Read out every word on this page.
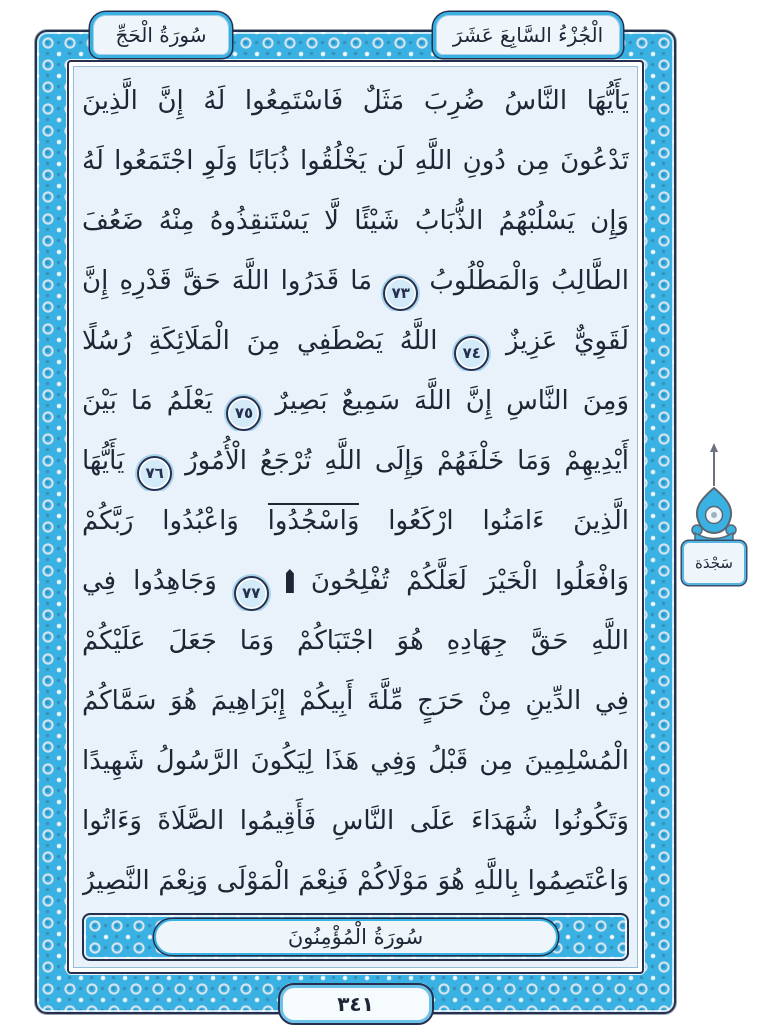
سُورَةُ الْحَجِّ	الْجُزْءُ السَّابِعَ عَشَرَ
يَأَيُّهَا النَّاسُ ضُرِبَ مَثَلٌ فَاسْتَمِعُوا لَهُ إِنَّ الَّذِينَ
تَدْعُونَ مِن دُونِ اللَّهِ لَن يَخْلُقُوا ذُبَابًا وَلَوِ اجْتَمَعُوا لَهُ
وَإِن يَسْلُبْهُمُ الذُّبَابُ شَيْئًا لَّا يَسْتَنقِذُوهُ مِنْهُ ضَعُفَ
الطَّالِبُ وَالْمَطْلُوبُ ٧٣ مَا قَدَرُوا اللَّهَ حَقَّ قَدْرِهِ إِنَّ
لَقَوِيٌّ عَزِيزٌ ٧٤ اللَّهُ يَصْطَفِي مِنَ الْمَلَائِكَةِ رُسُلًا
وَمِنَ النَّاسِ إِنَّ اللَّهَ سَمِيعٌ بَصِيرٌ ٧٥ يَعْلَمُ مَا بَيْنَ
أَيْدِيهِمْ وَمَا خَلْفَهُمْ وَإِلَى اللَّهِ تُرْجَعُ الْأُمُورُ ٧٦ يَأَيُّهَا
الَّذِينَ ءَامَنُوا ارْكَعُوا وَاسْجُدُوا وَاعْبُدُوا رَبَّكُمْ
وَافْعَلُوا الْخَيْرَ لَعَلَّكُمْ تُفْلِحُونَ  ٧٧ وَجَاهِدُوا فِي
اللَّهِ حَقَّ جِهَادِهِ هُوَ اجْتَبَاكُمْ وَمَا جَعَلَ عَلَيْكُمْ
فِي الدِّينِ مِنْ حَرَجٍ مِّلَّةَ أَبِيكُمْ إِبْرَاهِيمَ هُوَ سَمَّاكُمُ
الْمُسْلِمِينَ مِن قَبْلُ وَفِي هَذَا لِيَكُونَ الرَّسُولُ شَهِيدًا
وَتَكُونُوا شُهَدَاءَ عَلَى النَّاسِ فَأَقِيمُوا الصَّلَاةَ وَءَاتُوا
وَاعْتَصِمُوا بِاللَّهِ هُوَ مَوْلَاكُمْ فَنِعْمَ الْمَوْلَى وَنِعْمَ النَّصِيرُ
سُورَةُ الْمُؤْمِنُونَ
٣٤١
سَجْدَة
